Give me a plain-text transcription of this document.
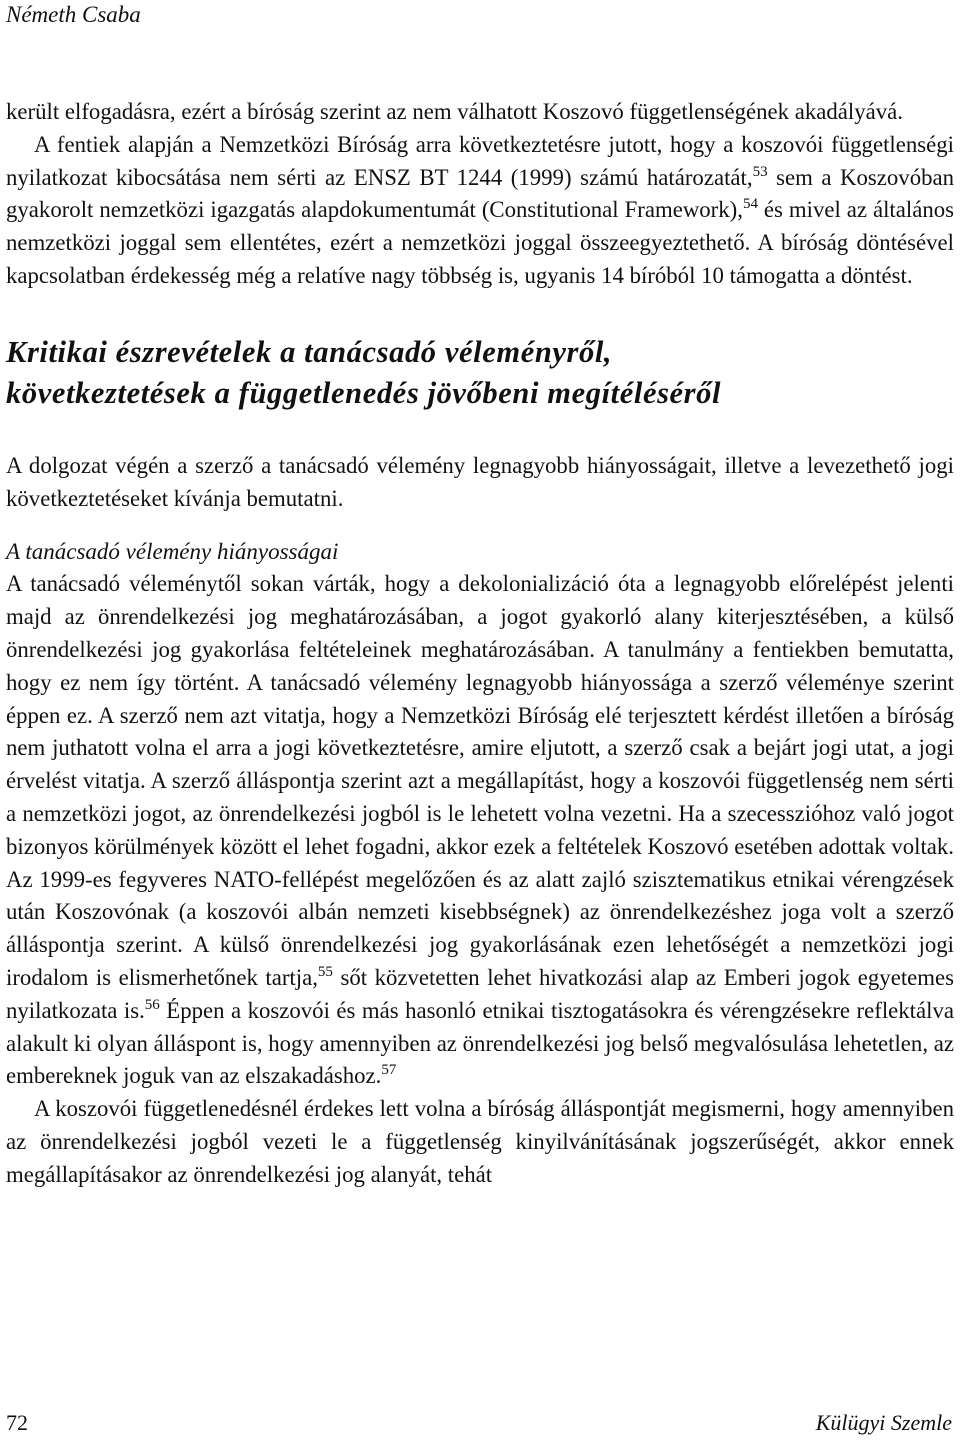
Németh Csaba

került elfogadásra, ezért a bíróság szerint az nem válhatott Koszovó függetlenségének akadályává.

A fentiek alapján a Nemzetközi Bíróság arra következtetésre jutott, hogy a koszovói függetlenségi nyilatkozat kibocsátása nem sérti az ENSZ BT 1244 (1999) számú határozatát,$^{53}$ sem a Koszovóban gyakorolt nemzetközi igazgatás alapdokumentumát (Constitutional Framework),$^{54}$ és mivel az általános nemzetközi joggal sem ellentétes, ezért a nemzetközi joggal összeegyeztethető. A bíróság döntésével kapcsolatban érdekesség még a relatíve nagy többség is, ugyanis 14 bíróból 10 támogatta a döntést.

Kritikai észrevételek a tanácsadó véleményről,
következtetések a függetlenedés jövőbeni megítéléséről

A dolgozat végén a szerző a tanácsadó vélemény legnagyobb hiányosságait, illetve a levezethető jogi következtetéseket kívánja bemutatni.

A tanácsadó vélemény hiányosságai

A tanácsadó véleménytől sokan várták, hogy a dekolonializáció óta a legnagyobb előrelépést jelenti majd az önrendelkezési jog meghatározásában, a jogot gyakorló alany kiterjesztésében, a külső önrendelkezési jog gyakorlása feltételeinek meghatározásában. A tanulmány a fentiekben bemutatta, hogy ez nem így történt. A tanácsadó vélemény legnagyobb hiányossága a szerző véleménye szerint éppen ez. A szerző nem azt vitatja, hogy a Nemzetközi Bíróság elé terjesztett kérdést illetően a bíróság nem juthatott volna el arra a jogi következtetésre, amire eljutott, a szerző csak a bejárt jogi utat, a jogi érvelést vitatja. A szerző álláspontja szerint azt a megállapítást, hogy a koszovói függetlenség nem sérti a nemzetközi jogot, az önrendelkezési jogból is le lehetett volna vezetni. Ha a szecesszióhoz való jogot bizonyos körülmények között el lehet fogadni, akkor ezek a feltételek Koszovó esetében adottak voltak. Az 1999-es fegyveres NATO-fellépést megelőzően és az alatt zajló szisztematikus etnikai vérengzések után Koszovónak (a koszovói albán nemzeti kisebbségnek) az önrendelkezéshez joga volt a szerző álláspontja szerint. A külső önrendelkezési jog gyakorlásának ezen lehetőségét a nemzetközi jogi irodalom is elismerhetőnek tartja,$^{55}$ sőt közvetetten lehet hivatkozási alap az Emberi jogok egyetemes nyilatkozata is.$^{56}$ Éppen a koszovói és más hasonló etnikai tisztogatásokra és vérengzésekre reflektálva alakult ki olyan álláspont is, hogy amennyiben az önrendelkezési jog belső megvalósulása lehetetlen, az embereknek joguk van az elszakadáshoz.$^{57}$

A koszovói függetlenedésnél érdekes lett volna a bíróság álláspontját megismerni, hogy amennyiben az önrendelkezési jogból vezeti le a függetlenség kinyilvánításának jogszerűségét, akkor ennek megállapításakor az önrendelkezési jog alanyát, tehát

72	Külügyi Szemle
